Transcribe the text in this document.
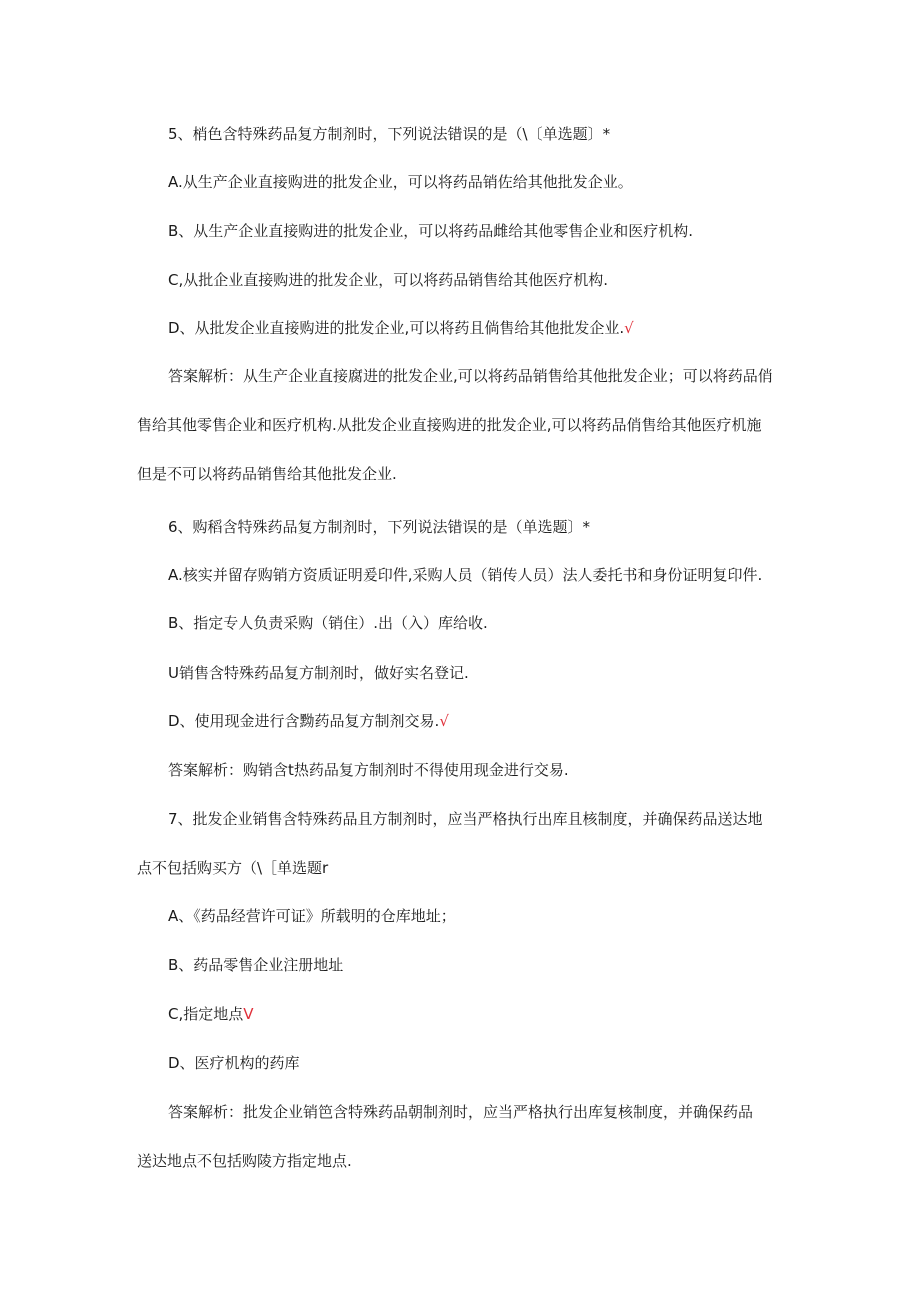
5、梢色含特殊药品复方制剂时，下列说法错误的是（\〔单选题〕*
A.从生产企业直接购进的批发企业，可以将药品销佐给其他批发企业。
B、从生产企业直接购进的批发企业，可以将药品雌给其他零售企业和医疗机构.
C,从批企业直接购进的批发企业，可以将药品销售给其他医疗机构.
D、从批发企业直接购进的批发企业,可以将药且倘售给其他批发企业.√
答案解析：从生产企业直接腐进的批发企业,可以将药品销售给其他批发企业；可以将药品俏
售给其他零售企业和医疗机构.从批发企业直接购进的批发企业,可以将药品俏售给其他医疗机施
但是不可以将药品销售给其他批发企业.
6、购稻含特殊药品复方制剂时，下列说法错误的是（单选题〕*
A.核实并留存购销方资质证明爰印件,采购人员（销传人员）法人委托书和身份证明复印件.
B、指定专人负责采购（销住）.出（入）库给收.
U销售含特殊药品复方制剂时，做好实名登记.
D、使用现金进行含黝药品复方制剂交易.√
答案解析：购销含t热药品复方制剂时不得使用现金进行交易.
7、批发企业销售含特殊药品且方制剂时，应当严格执行出库且核制度，并确保药品送达地
点不包括购买方（\［单选题r
A、《药品经营许可证》所载明的仓库地址；
B、药品零售企业注册地址
C,指定地点V
D、医疗机构的药库
答案解析：批发企业销笆含特殊药品朝制剂时，应当严格执行出库复核制度，并确保药品
送达地点不包括购陵方指定地点.
